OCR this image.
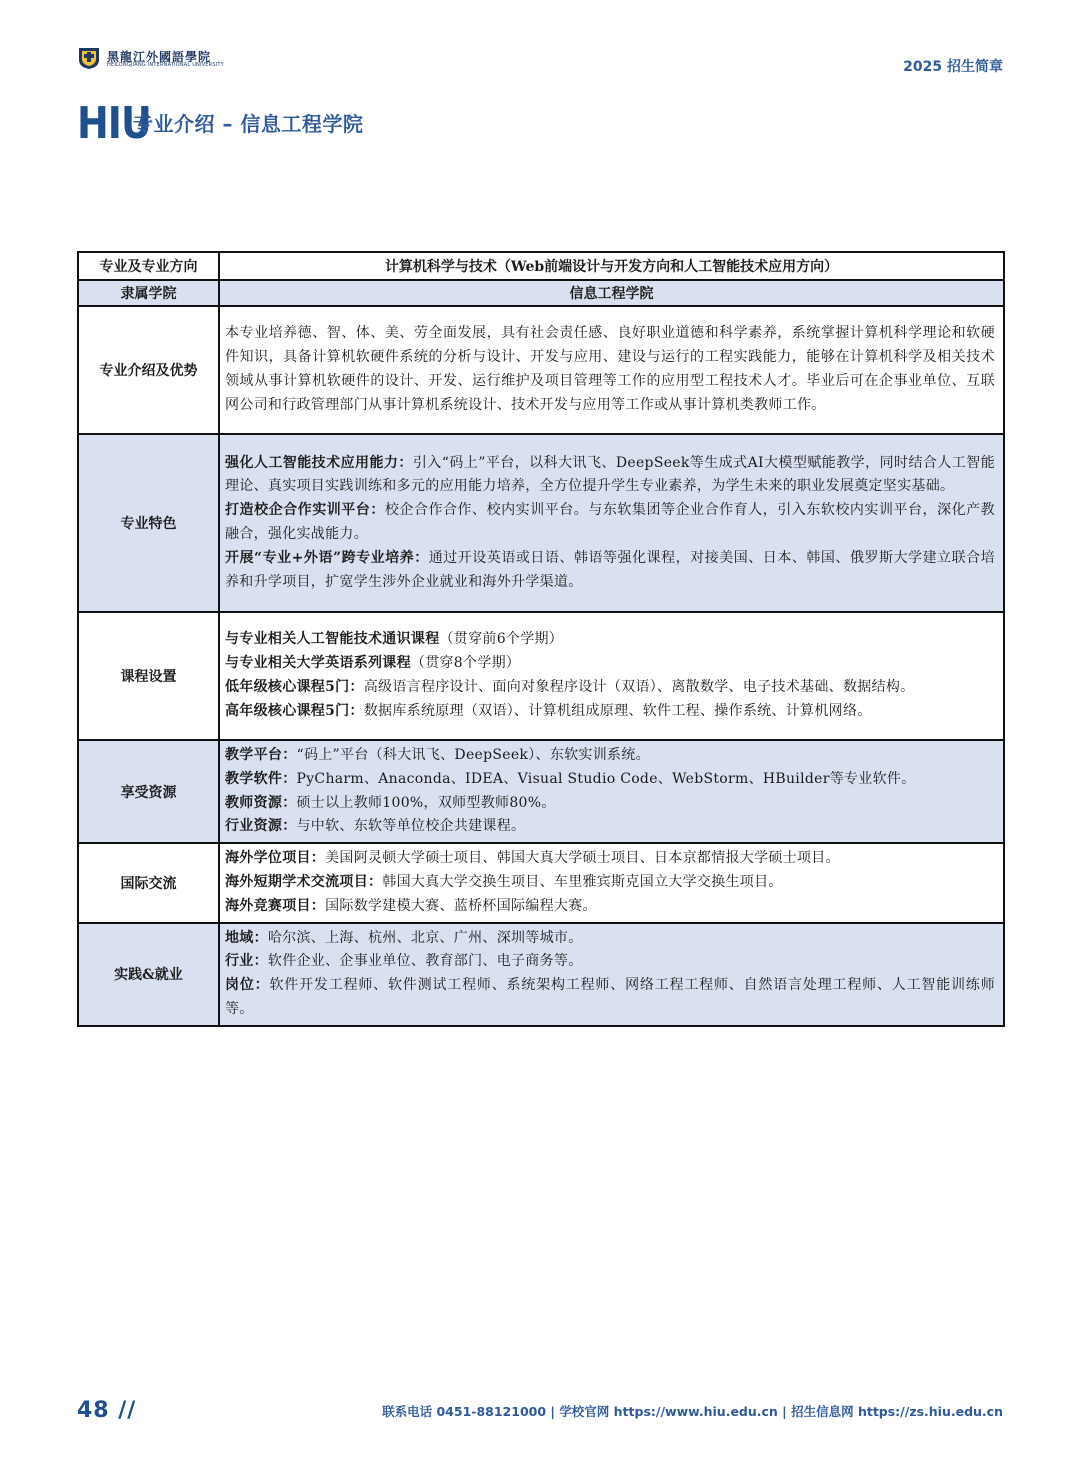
黑龍江外國語學院
HEILONGJIANG INTERNATIONAL UNIVERSITY	2025 招生简章
HIU
专业介绍 – 信息工程学院
专业及专业方向	计算机科学与技术（Web前端设计与开发方向和人工智能技术应用方向）
隶属学院	信息工程学院
专业介绍及优势	本专业培养德、智、体、美、劳全面发展，具有社会责任感、良好职业道德和科学素养，系统掌握计算机科学理论和软硬件知识，具备计算机软硬件系统的分析与设计、开发与应用、建设与运行的工程实践能力，能够在计算机科学及相关技术领域从事计算机软硬件的设计、开发、运行维护及项目管理等工作的应用型工程技术人才。毕业后可在企事业单位、互联网公司和行政管理部门从事计算机系统设计、技术开发与应用等工作或从事计算机类教师工作。

专业特色	强化人工智能技术应用能力：引入“码上”平台，以科大讯飞、DeepSeek等生成式AI大模型赋能教学，同时结合人工智能理论、真实项目实践训练和多元的应用能力培养，全方位提升学生专业素养，为学生未来的职业发展奠定坚实基础。
打造校企合作实训平台：校企合作合作、校内实训平台。与东软集团等企业合作育人，引入东软校内实训平台，深化产教融合，强化实战能力。
开展“专业+外语”跨专业培养：通过开设英语或日语、韩语等强化课程，对接美国、日本、韩国、俄罗斯大学建立联合培养和升学项目，扩宽学生涉外企业就业和海外升学渠道。

课程设置	与专业相关人工智能技术通识课程（贯穿前6个学期）
与专业相关大学英语系列课程（贯穿8个学期）
低年级核心课程5门：高级语言程序设计、面向对象程序设计（双语）、离散数学、电子技术基础、数据结构。
高年级核心课程5门：数据库系统原理（双语）、计算机组成原理、软件工程、操作系统、计算机网络。

享受资源	教学平台：“码上”平台（科大讯飞、DeepSeek）、东软实训系统。
教学软件：PyCharm、Anaconda、IDEA、Visual Studio Code、WebStorm、HBuilder等专业软件。
教师资源：硕士以上教师100%，双师型教师80%。
行业资源：与中软、东软等单位校企共建课程。

国际交流	海外学位项目：美国阿灵顿大学硕士项目、韩国大真大学硕士项目、日本京都情报大学硕士项目。
海外短期学术交流项目：韩国大真大学交换生项目、车里雅宾斯克国立大学交换生项目。
海外竞赛项目：国际数学建模大赛、蓝桥杯国际编程大赛。

实践&就业	地域：哈尔滨、上海、杭州、北京、广州、深圳等城市。
行业：软件企业、企事业单位、教育部门、电子商务等。
岗位：软件开发工程师、软件测试工程师、系统架构工程师、网络工程工程师、自然语言处理工程师、人工智能训练师等。
48 //	联系电话 0451-88121000 | 学校官网 https://www.hiu.edu.cn | 招生信息网 https://zs.hiu.edu.cn
